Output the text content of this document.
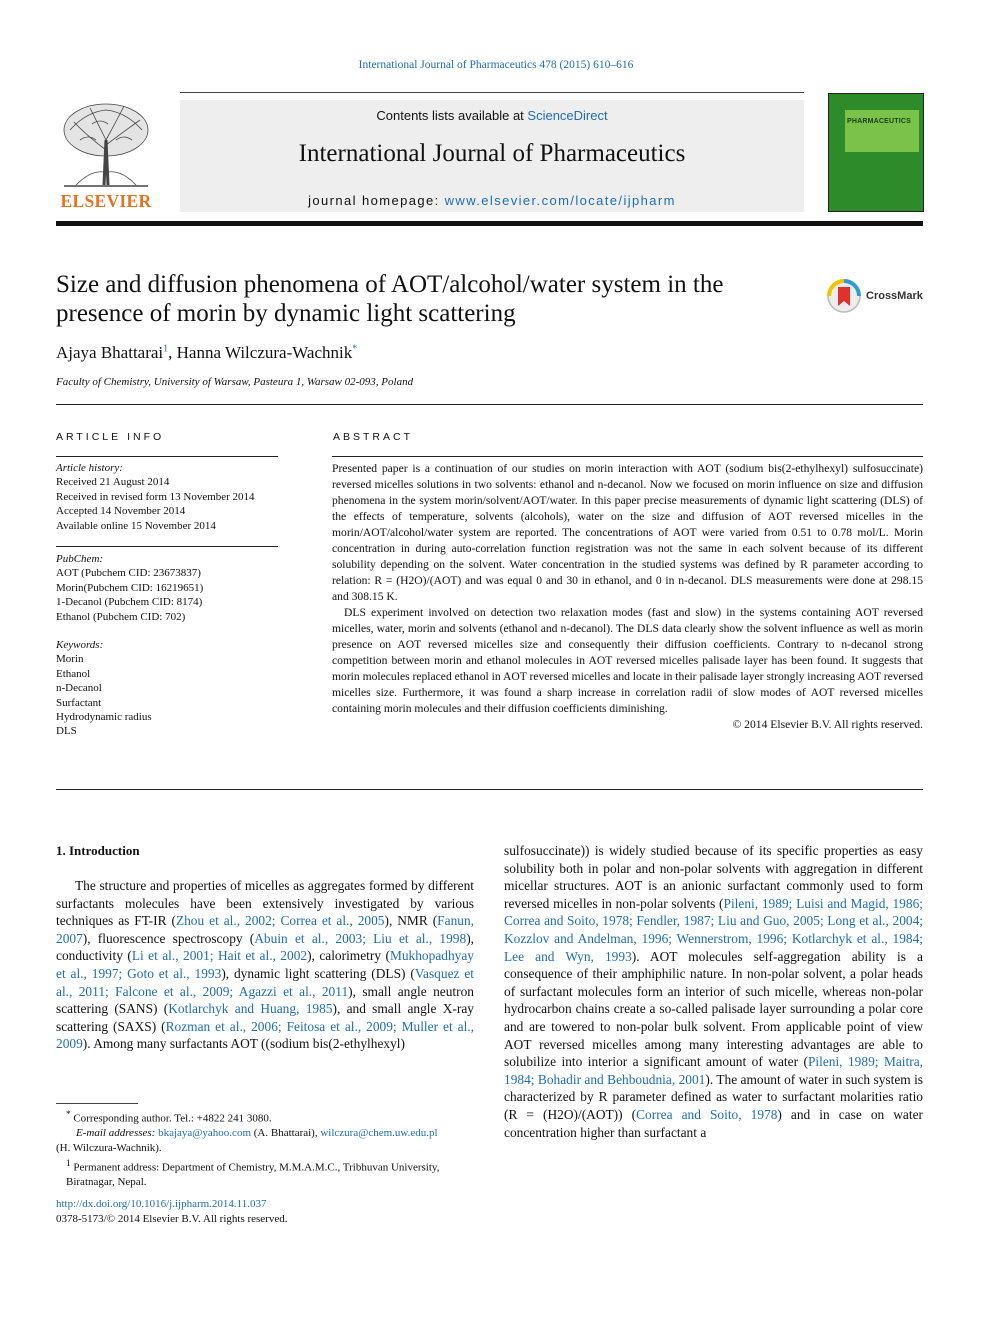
International Journal of Pharmaceutics 478 (2015) 610–616
ELSEVIER
Contents lists available at ScienceDirect
International Journal of Pharmaceutics
journal homepage: www.elsevier.com/locate/ijpharm
PHARMACEUTICS
Size and diffusion phenomena of AOT/alcohol/water system in the presence of morin by dynamic light scattering
CrossMark
Ajaya Bhattarai$^1$, Hanna Wilczura-Wachnik*
Faculty of Chemistry, University of Warsaw, Pasteura 1, Warsaw 02-093, Poland
ARTICLE INFO
Article history:
Received 21 August 2014
Received in revised form 13 November 2014
Accepted 14 November 2014
Available online 15 November 2014
PubChem:
AOT (Pubchem CID: 23673837)
Morin(Pubchem CID: 16219651)
1-Decanol (Pubchem CID: 8174)
Ethanol (Pubchem CID: 702)
Keywords:
Morin
Ethanol
n-Decanol
Surfactant
Hydrodynamic radius
DLS
ABSTRACT

Presented paper is a continuation of our studies on morin interaction with AOT (sodium bis(2-ethylhexyl) sulfosuccinate) reversed micelles solutions in two solvents: ethanol and n-decanol. Now we focused on morin influence on size and diffusion phenomena in the system morin/solvent/AOT/water. In this paper precise measurements of dynamic light scattering (DLS) of the effects of temperature, solvents (alcohols), water on the size and diffusion of AOT reversed micelles in the morin/AOT/alcohol/water system are reported. The concentrations of AOT were varied from 0.51 to 0.78 mol/L. Morin concentration in during auto-correlation function registration was not the same in each solvent because of its different solubility depending on the solvent. Water concentration in the studied systems was defined by R parameter according to relation: R = (H2O)/(AOT) and was equal 0 and 30 in ethanol, and 0 in n-decanol. DLS measurements were done at 298.15 and 308.15 K.

DLS experiment involved on detection two relaxation modes (fast and slow) in the systems containing AOT reversed micelles, water, morin and solvents (ethanol and n-decanol). The DLS data clearly show the solvent influence as well as morin presence on AOT reversed micelles size and consequently their diffusion coefficients. Contrary to n-decanol strong competition between morin and ethanol molecules in AOT reversed micelles palisade layer has been found. It suggests that morin molecules replaced ethanol in AOT reversed micelles and locate in their palisade layer strongly increasing AOT reversed micelles size. Furthermore, it was found a sharp increase in correlation radii of slow modes of AOT reversed micelles containing morin molecules and their diffusion coefficients diminishing.

© 2014 Elsevier B.V. All rights reserved.
1. Introduction

The structure and properties of micelles as aggregates formed by different surfactants molecules have been extensively investigated by various techniques as FT-IR (Zhou et al., 2002; Correa et al., 2005), NMR (Fanun, 2007), fluorescence spectroscopy (Abuin et al., 2003; Liu et al., 1998), conductivity (Li et al., 2001; Hait et al., 2002), calorimetry (Mukhopadhyay et al., 1997; Goto et al., 1993), dynamic light scattering (DLS) (Vasquez et al., 2011; Falcone et al., 2009; Agazzi et al., 2011), small angle neutron scattering (SANS) (Kotlarchyk and Huang, 1985), and small angle X-ray scattering (SAXS) (Rozman et al., 2006; Feitosa et al., 2009; Muller et al., 2009). Among many surfactants AOT ((sodium bis(2-ethylhexyl)

sulfosuccinate)) is widely studied because of its specific properties as easy solubility both in polar and non-polar solvents with aggregation in different micellar structures. AOT is an anionic surfactant commonly used to form reversed micelles in non-polar solvents (Pileni, 1989; Luisi and Magid, 1986; Correa and Soito, 1978; Fendler, 1987; Liu and Guo, 2005; Long et al., 2004; Kozzlov and Andelman, 1996; Wennerstrom, 1996; Kotlarchyk et al., 1984; Lee and Wyn, 1993). AOT molecules self-aggregation ability is a consequence of their amphiphilic nature. In non-polar solvent, a polar heads of surfactant molecules form an interior of such micelle, whereas non-polar hydrocarbon chains create a so-called palisade layer surrounding a polar core and are towered to non-polar bulk solvent. From applicable point of view AOT reversed micelles among many interesting advantages are able to solubilize into interior a significant amount of water (Pileni, 1989; Maitra, 1984; Bohadir and Behboudnia, 2001). The amount of water in such system is characterized by R parameter defined as water to surfactant molarities ratio (R = (H2O)/(AOT)) (Correa and Soito, 1978) and in case on water concentration higher than surfactant a

* Corresponding author. Tel.: +4822 241 3080.

E-mail addresses: bkajaya@yahoo.com (A. Bhattarai), wilczura@chem.uw.edu.pl

(H. Wilczura-Wachnik).

$^1$ Permanent address: Department of Chemistry, M.M.A.M.C., Tribhuvan University, Biratnagar, Nepal.

http://dx.doi.org/10.1016/j.ijpharm.2014.11.037
0378-5173/© 2014 Elsevier B.V. All rights reserved.
